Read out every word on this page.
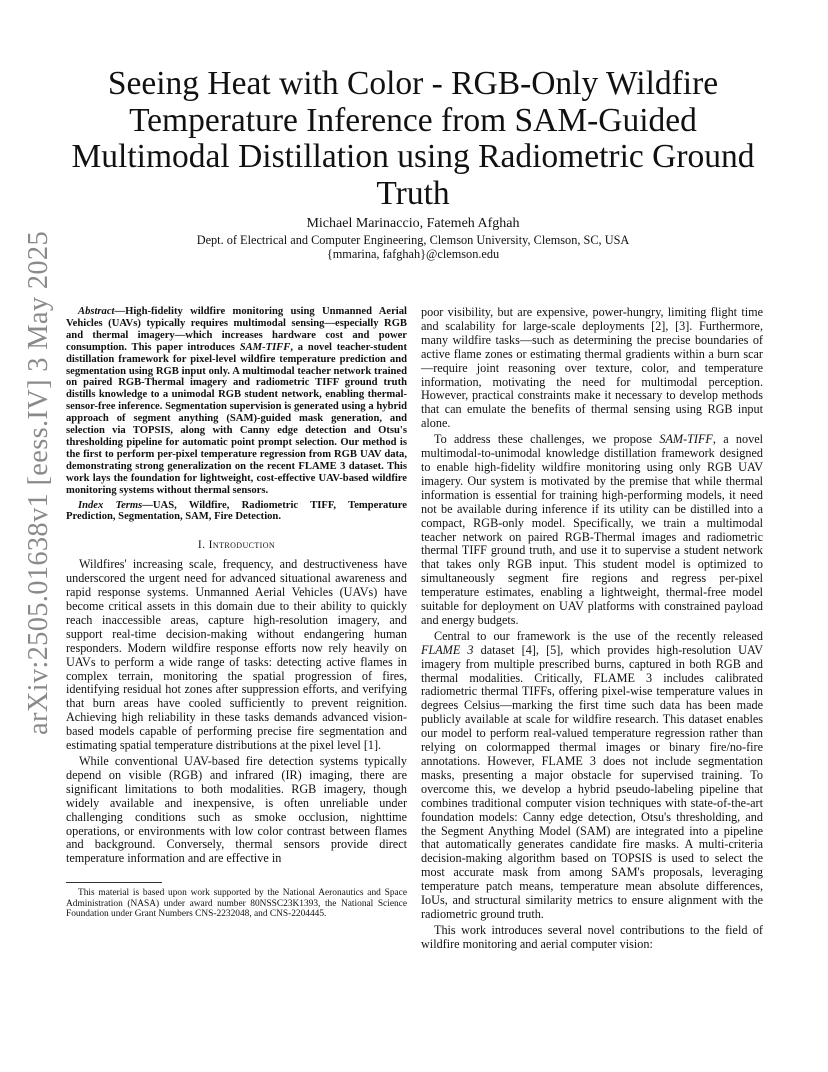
arXiv:2505.01638v1 [eess.IV] 3 May 2025
Seeing Heat with Color - RGB-Only Wildfire Temperature Inference from SAM-Guided Multimodal Distillation using Radiometric Ground Truth
Michael Marinaccio, Fatemeh Afghah
Dept. of Electrical and Computer Engineering, Clemson University, Clemson, SC, USA
{mmarina, fafghah}@clemson.edu

Abstract—High-fidelity wildfire monitoring using Unmanned Aerial Vehicles (UAVs) typically requires multimodal sensing—especially RGB and thermal imagery—which increases hardware cost and power consumption. This paper introduces SAM-TIFF, a novel teacher-student distillation framework for pixel-level wildfire temperature prediction and segmentation using RGB input only. A multimodal teacher network trained on paired RGB-Thermal imagery and radiometric TIFF ground truth distills knowledge to a unimodal RGB student network, enabling thermal-sensor-free inference. Segmentation supervision is generated using a hybrid approach of segment anything (SAM)-guided mask generation, and selection via TOPSIS, along with Canny edge detection and Otsu's thresholding pipeline for automatic point prompt selection. Our method is the first to perform per-pixel temperature regression from RGB UAV data, demonstrating strong generalization on the recent FLAME 3 dataset. This work lays the foundation for lightweight, cost-effective UAV-based wildfire monitoring systems without thermal sensors.

Index Terms—UAS, Wildfire, Radiometric TIFF, Temperature Prediction, Segmentation, SAM, Fire Detection.

I. Introduction

Wildfires' increasing scale, frequency, and destructiveness have underscored the urgent need for advanced situational awareness and rapid response systems. Unmanned Aerial Vehicles (UAVs) have become critical assets in this domain due to their ability to quickly reach inaccessible areas, capture high-resolution imagery, and support real-time decision-making without endangering human responders. Modern wildfire response efforts now rely heavily on UAVs to perform a wide range of tasks: detecting active flames in complex terrain, monitoring the spatial progression of fires, identifying residual hot zones after suppression efforts, and verifying that burn areas have cooled sufficiently to prevent reignition. Achieving high reliability in these tasks demands advanced vision-based models capable of performing precise fire segmentation and estimating spatial temperature distributions at the pixel level [1].

While conventional UAV-based fire detection systems typically depend on visible (RGB) and infrared (IR) imaging, there are significant limitations to both modalities. RGB imagery, though widely available and inexpensive, is often unreliable under challenging conditions such as smoke occlusion, nighttime operations, or environments with low color contrast between flames and background. Conversely, thermal sensors provide direct temperature information and are effective in

This material is based upon work supported by the National Aeronautics and Space Administration (NASA) under award number 80NSSC23K1393, the National Science Foundation under Grant Numbers CNS-2232048, and CNS-2204445.

poor visibility, but are expensive, power-hungry, limiting flight time and scalability for large-scale deployments [2], [3]. Furthermore, many wildfire tasks—such as determining the precise boundaries of active flame zones or estimating thermal gradients within a burn scar—require joint reasoning over texture, color, and temperature information, motivating the need for multimodal perception. However, practical constraints make it necessary to develop methods that can emulate the benefits of thermal sensing using RGB input alone.

To address these challenges, we propose SAM-TIFF, a novel multimodal-to-unimodal knowledge distillation framework designed to enable high-fidelity wildfire monitoring using only RGB UAV imagery. Our system is motivated by the premise that while thermal information is essential for training high-performing models, it need not be available during inference if its utility can be distilled into a compact, RGB-only model. Specifically, we train a multimodal teacher network on paired RGB-Thermal images and radiometric thermal TIFF ground truth, and use it to supervise a student network that takes only RGB input. This student model is optimized to simultaneously segment fire regions and regress per-pixel temperature estimates, enabling a lightweight, thermal-free model suitable for deployment on UAV platforms with constrained payload and energy budgets.

Central to our framework is the use of the recently released FLAME 3 dataset [4], [5], which provides high-resolution UAV imagery from multiple prescribed burns, captured in both RGB and thermal modalities. Critically, FLAME 3 includes calibrated radiometric thermal TIFFs, offering pixel-wise temperature values in degrees Celsius—marking the first time such data has been made publicly available at scale for wildfire research. This dataset enables our model to perform real-valued temperature regression rather than relying on colormapped thermal images or binary fire/no-fire annotations. However, FLAME 3 does not include segmentation masks, presenting a major obstacle for supervised training. To overcome this, we develop a hybrid pseudo-labeling pipeline that combines traditional computer vision techniques with state-of-the-art foundation models: Canny edge detection, Otsu's thresholding, and the Segment Anything Model (SAM) are integrated into a pipeline that automatically generates candidate fire masks. A multi-criteria decision-making algorithm based on TOPSIS is used to select the most accurate mask from among SAM's proposals, leveraging temperature patch means, temperature mean absolute differences, IoUs, and structural similarity metrics to ensure alignment with the radiometric ground truth.

This work introduces several novel contributions to the field of wildfire monitoring and aerial computer vision:
